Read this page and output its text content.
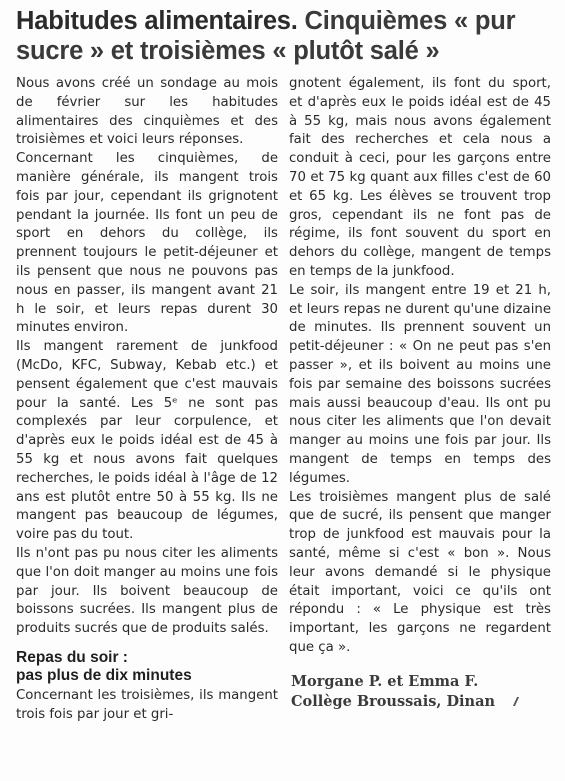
Habitudes alimentaires. Cinquièmes « pur sucre » et troisièmes « plutôt salé »

Nous avons créé un sondage au mois de février sur les habitudes alimentaires des cinquièmes et des troisièmes et voici leurs réponses.

Concernant les cinquièmes, de manière générale, ils mangent trois fois par jour, cependant ils grignotent pendant la journée. Ils font un peu de sport en dehors du collège, ils prennent toujours le petit-déjeuner et ils pensent que nous ne pouvons pas nous en passer, ils mangent avant 21 h le soir, et leurs repas durent 30 minutes environ.

Ils mangent rarement de junkfood (McDo, KFC, Subway, Kebab etc.) et pensent également que c'est mauvais pour la santé. Les 5ᵉ ne sont pas complexés par leur corpulence, et d'après eux le poids idéal est de 45 à 55 kg et nous avons fait quelques recherches, le poids idéal à l'âge de 12 ans est plutôt entre 50 à 55 kg. Ils ne mangent pas beaucoup de légumes, voire pas du tout.

Ils n'ont pas pu nous citer les aliments que l'on doit manger au moins une fois par jour. Ils boivent beaucoup de boissons sucrées. Ils mangent plus de produits sucrés que de produits salés.

Repas du soir :
pas plus de dix minutes

Concernant les troisièmes, ils mangent trois fois par jour et gri-

gnotent également, ils font du sport, et d'après eux le poids idéal est de 45 à 55 kg, mais nous avons également fait des recherches et cela nous a conduit à ceci, pour les garçons entre 70 et 75 kg quant aux filles c'est de 60 et 65 kg. Les élèves se trouvent trop gros, cependant ils ne font pas de régime, ils font souvent du sport en dehors du collège, mangent de temps en temps de la junkfood.

Le soir, ils mangent entre 19 et 21 h, et leurs repas ne durent qu'une dizaine de minutes. Ils prennent souvent un petit-déjeuner : « On ne peut pas s'en passer », et ils boivent au moins une fois par semaine des boissons sucrées mais aussi beaucoup d'eau. Ils ont pu nous citer les aliments que l'on devait manger au moins une fois par jour. Ils mangent de temps en temps des légumes.

Les troisièmes mangent plus de salé que de sucré, ils pensent que manger trop de junkfood est mauvais pour la santé, même si c'est « bon ». Nous leur avons demandé si le physique était important, voici ce qu'ils ont répondu : « Le physique est très important, les garçons ne regardent que ça ».

Morgane P. et Emma F.
Collège Broussais, Dinan
